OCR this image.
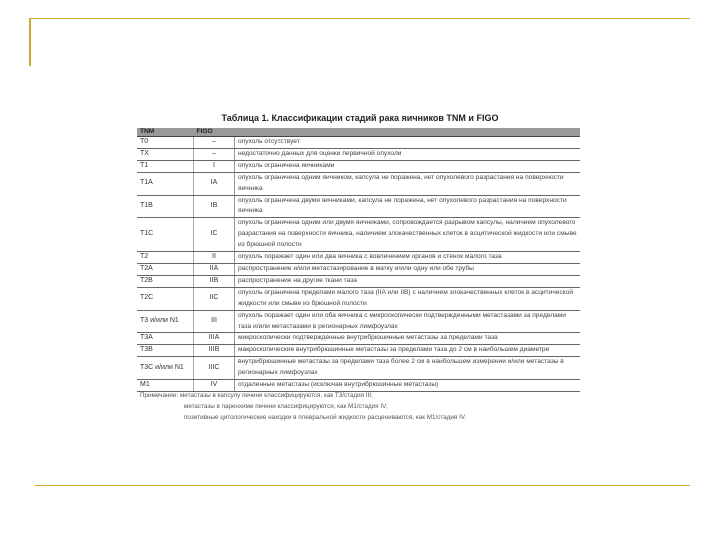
Таблица 1. Классификации стадий рака яичников TNM и FIGO
TNM	FIGO	
T0	–	опухоль отсутствует
TX	–	недостаточно данных для оценки первичной опухоли
T1	I	опухоль ограничена яичниками
T1A	IA	опухоль ограничена одним яичником, капсула не поражена, нет опухолевого разрастания на поверхности яичника
T1B	IB	опухоль ограничена двумя яичниками, капсула не поражена, нет опухолевого разрастания на поверхности яичника
T1C	IC	опухоль ограничена одним или двумя яичниками, сопровождается разрывом капсулы, наличием опухолевого разрастания на поверхности яичника, наличием злокачественных клеток в асцитической жидкости или смыве из брюшной полости
T2	II	опухоль поражает один или два яичника с вовлечением органов и стенок малого таза
T2A	IIA	распространение и/или метастазирование в матку и/или одну или обе трубы
T2B	IIB	распространение на другие ткани таза
T2C	IIC	опухоль ограничена пределами малого таза (IIA или IIB) с наличием злокачественных клеток в асцитической жидкости или смыве из брюшной полости
T3 и/или N1	III	опухоль поражает один или оба яичника с микроскопически подтвержденными метастазами за пределами таза и/или метастазами в регионарных лимфоузлах
T3A	IIIA	микроскопически подтвержденные внутрибрюшинные метастазы за пределами таза
T3B	IIIB	макроскопические внутрибрюшинные метастазы за пределами таза до 2 см в наибольшем диаметре
T3C и/или N1	IIIC	внутрибрюшинные метастазы за пределами таза более 2 см в наибольшем измерении и/или метастазы в регионарных лимфоузлах
M1	IV	отдаленные метастазы (исключая внутрибрюшинные метастазы)
Примечание: метастазы в капсулу печени классифицируются, как T3/стадия III;
метастазы в паренхиме печени классифицируются, как M1/стадия IV;
позитивные цитологические находки в плевральной жидкости расцениваются, как M1/стадия IV.
